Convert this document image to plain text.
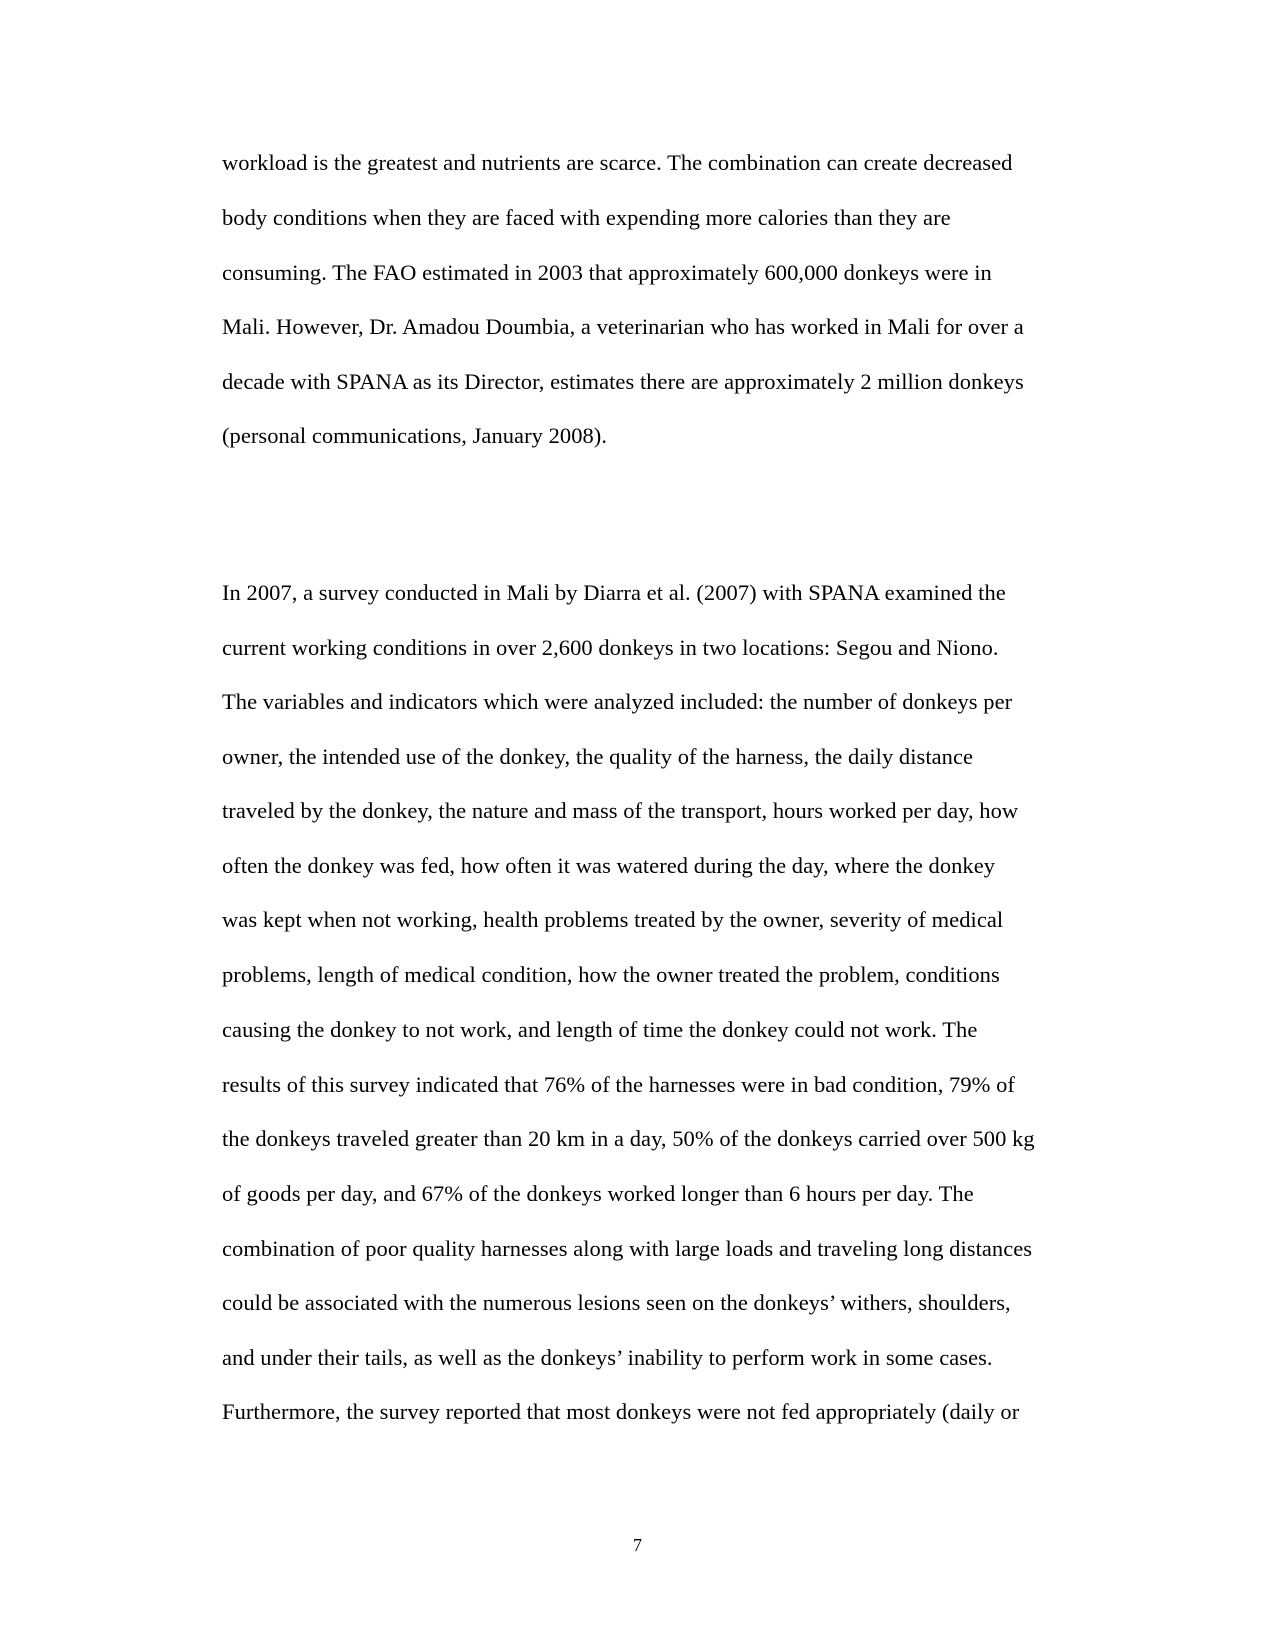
workload is the greatest and nutrients are scarce. The combination can create decreased
body conditions when they are faced with expending more calories than they are
consuming. The FAO estimated in 2003 that approximately 600,000 donkeys were in
Mali. However, Dr. Amadou Doumbia, a veterinarian who has worked in Mali for over a
decade with SPANA as its Director, estimates there are approximately 2 million donkeys
(personal communications, January 2008).
In 2007, a survey conducted in Mali by Diarra et al. (2007) with SPANA examined the
current working conditions in over 2,600 donkeys in two locations: Segou and Niono.
The variables and indicators which were analyzed included: the number of donkeys per
owner, the intended use of the donkey, the quality of the harness, the daily distance
traveled by the donkey, the nature and mass of the transport, hours worked per day, how
often the donkey was fed, how often it was watered during the day, where the donkey
was kept when not working, health problems treated by the owner, severity of medical
problems, length of medical condition, how the owner treated the problem, conditions
causing the donkey to not work, and length of time the donkey could not work. The
results of this survey indicated that 76% of the harnesses were in bad condition, 79% of
the donkeys traveled greater than 20 km in a day, 50% of the donkeys carried over 500 kg
of goods per day, and 67% of the donkeys worked longer than 6 hours per day. The
combination of poor quality harnesses along with large loads and traveling long distances
could be associated with the numerous lesions seen on the donkeys’ withers, shoulders,
and under their tails, as well as the donkeys’ inability to perform work in some cases.
Furthermore, the survey reported that most donkeys were not fed appropriately (daily or
7
